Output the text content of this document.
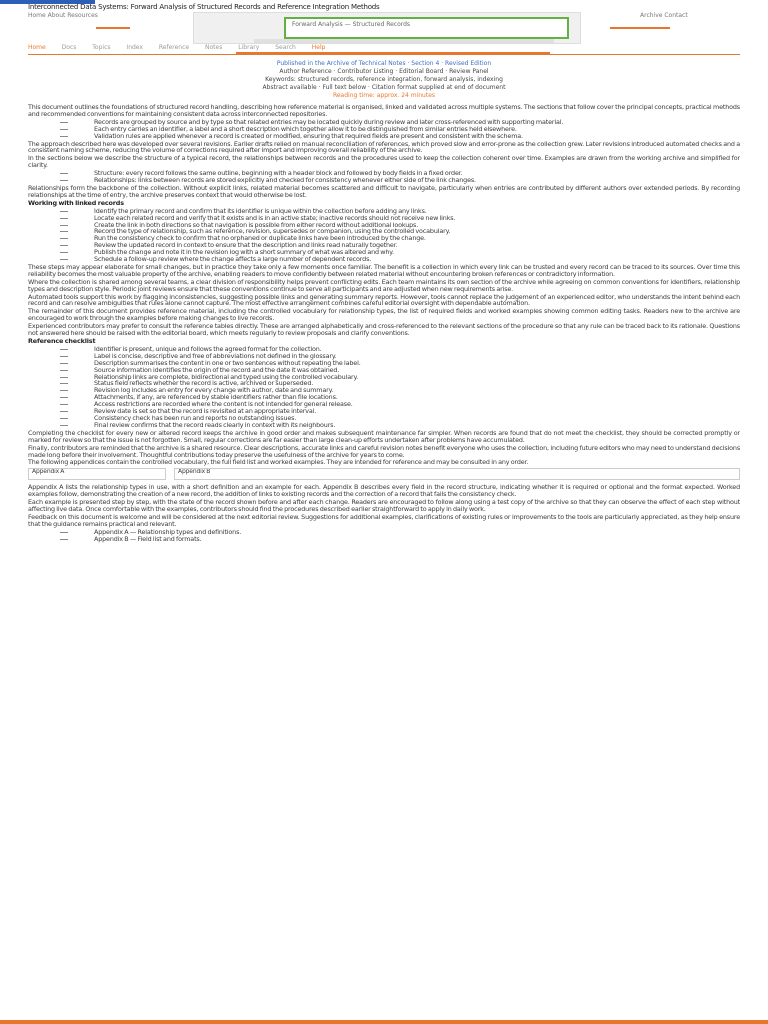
Interconnected Data Systems: Forward Analysis of Structured Records and Reference Integration Methods
Home About Resources	Archive Contact
Forward Analysis — Structured Records
Home	Docs	Topics	Index	Reference	Notes	Library	Search	Help
Published in the Archive of Technical Notes · Section 4 · Revised Edition
Author Reference · Contributor Listing · Editorial Board · Review Panel
Keywords: structured records, reference integration, forward analysis, indexing
Abstract available · Full text below · Citation format supplied at end of document
Reading time: approx. 24 minutes

This document outlines the foundations of structured record handling, describing how reference material is organised, linked and validated across multiple systems. The sections that follow cover the principal concepts, practical methods and recommended conventions for maintaining consistent data across interconnected repositories.

Records are grouped by source and by type so that related entries may be located quickly during review and later cross-referenced with supporting material.
Each entry carries an identifier, a label and a short description which together allow it to be distinguished from similar entries held elsewhere.
Validation rules are applied whenever a record is created or modified, ensuring that required fields are present and consistent with the schema.

The approach described here was developed over several revisions. Earlier drafts relied on manual reconciliation of references, which proved slow and error-prone as the collection grew. Later revisions introduced automated checks and a consistent naming scheme, reducing the volume of corrections required after import and improving overall reliability of the archive.

In the sections below we describe the structure of a typical record, the relationships between records and the procedures used to keep the collection coherent over time. Examples are drawn from the working archive and simplified for clarity.

Structure: every record follows the same outline, beginning with a header block and followed by body fields in a fixed order.
Relationships: links between records are stored explicitly and checked for consistency whenever either side of the link changes.

Relationships form the backbone of the collection. Without explicit links, related material becomes scattered and difficult to navigate, particularly when entries are contributed by different authors over extended periods. By recording relationships at the time of entry, the archive preserves context that would otherwise be lost.

Working with linked records

Identify the primary record and confirm that its identifier is unique within the collection before adding any links.
Locate each related record and verify that it exists and is in an active state; inactive records should not receive new links.
Create the link in both directions so that navigation is possible from either record without additional lookups.
Record the type of relationship, such as reference, revision, supersedes or companion, using the controlled vocabulary.
Run the consistency check to confirm that no orphaned or duplicate links have been introduced by the change.
Review the updated record in context to ensure that the description and links read naturally together.
Publish the change and note it in the revision log with a short summary of what was altered and why.
Schedule a follow-up review where the change affects a large number of dependent records.

These steps may appear elaborate for small changes, but in practice they take only a few moments once familiar. The benefit is a collection in which every link can be trusted and every record can be traced to its sources. Over time this reliability becomes the most valuable property of the archive, enabling readers to move confidently between related material without encountering broken references or contradictory information.

Where the collection is shared among several teams, a clear division of responsibility helps prevent conflicting edits. Each team maintains its own section of the archive while agreeing on common conventions for identifiers, relationship types and description style. Periodic joint reviews ensure that these conventions continue to serve all participants and are adjusted when new requirements arise.

Automated tools support this work by flagging inconsistencies, suggesting possible links and generating summary reports. However, tools cannot replace the judgement of an experienced editor, who understands the intent behind each record and can resolve ambiguities that rules alone cannot capture. The most effective arrangement combines careful editorial oversight with dependable automation.

The remainder of this document provides reference material, including the controlled vocabulary for relationship types, the list of required fields and worked examples showing common editing tasks. Readers new to the archive are encouraged to work through the examples before making changes to live records.

Experienced contributors may prefer to consult the reference tables directly. These are arranged alphabetically and cross-referenced to the relevant sections of the procedure so that any rule can be traced back to its rationale. Questions not answered here should be raised with the editorial board, which meets regularly to review proposals and clarify conventions.

Reference checklist

Identifier is present, unique and follows the agreed format for the collection.
Label is concise, descriptive and free of abbreviations not defined in the glossary.
Description summarises the content in one or two sentences without repeating the label.
Source information identifies the origin of the record and the date it was obtained.
Relationship links are complete, bidirectional and typed using the controlled vocabulary.
Status field reflects whether the record is active, archived or superseded.
Revision log includes an entry for every change with author, date and summary.
Attachments, if any, are referenced by stable identifiers rather than file locations.
Access restrictions are recorded where the content is not intended for general release.
Review date is set so that the record is revisited at an appropriate interval.
Consistency check has been run and reports no outstanding issues.
Final review confirms that the record reads clearly in context with its neighbours.

Completing the checklist for every new or altered record keeps the archive in good order and makes subsequent maintenance far simpler. When records are found that do not meet the checklist, they should be corrected promptly or marked for review so that the issue is not forgotten. Small, regular corrections are far easier than large clean-up efforts undertaken after problems have accumulated.

Finally, contributors are reminded that the archive is a shared resource. Clear descriptions, accurate links and careful revision notes benefit everyone who uses the collection, including future editors who may need to understand decisions made long before their involvement. Thoughtful contributions today preserve the usefulness of the archive for years to come.

The following appendices contain the controlled vocabulary, the full field list and worked examples. They are intended for reference and may be consulted in any order.

Appendix A	Appendix B

Appendix A lists the relationship types in use, with a short definition and an example for each. Appendix B describes every field in the record structure, indicating whether it is required or optional and the format expected. Worked examples follow, demonstrating the creation of a new record, the addition of links to existing records and the correction of a record that fails the consistency check.

Each example is presented step by step, with the state of the record shown before and after each change. Readers are encouraged to follow along using a test copy of the archive so that they can observe the effect of each step without affecting live data. Once comfortable with the examples, contributors should find the procedures described earlier straightforward to apply in daily work.

Feedback on this document is welcome and will be considered at the next editorial review. Suggestions for additional examples, clarifications of existing rules or improvements to the tools are particularly appreciated, as they help ensure that the guidance remains practical and relevant.

Appendix A — Relationship types and definitions.
Appendix B — Field list and formats.
